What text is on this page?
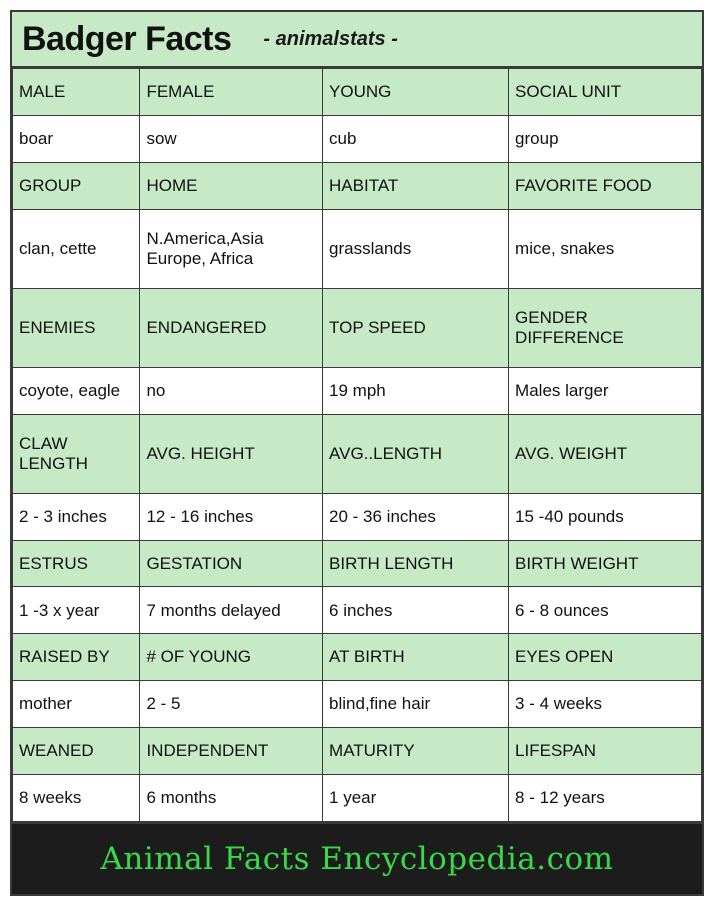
Badger Facts - animalstats -
MALE	FEMALE	YOUNG	SOCIAL UNIT
boar	sow	cub	group
GROUP	HOME	HABITAT	FAVORITE FOOD
clan, cette	N.America,Asia Europe, Africa	grasslands	mice, snakes
ENEMIES	ENDANGERED	TOP SPEED	GENDER DIFFERENCE
coyote, eagle	no	19 mph	Males larger
CLAW LENGTH	AVG. HEIGHT	AVG..LENGTH	AVG. WEIGHT
2 - 3 inches	12 - 16 inches	20 - 36 inches	15 -40 pounds
ESTRUS	GESTATION	BIRTH LENGTH	BIRTH WEIGHT
1 -3 x year	7 months delayed	6 inches	6 - 8 ounces
RAISED BY	# OF YOUNG	AT BIRTH	EYES OPEN
mother	2 - 5	blind,fine hair	3 - 4 weeks
WEANED	INDEPENDENT	MATURITY	LIFESPAN
8 weeks	6 months	1 year	8 - 12 years
Animal Facts Encyclopedia.com
